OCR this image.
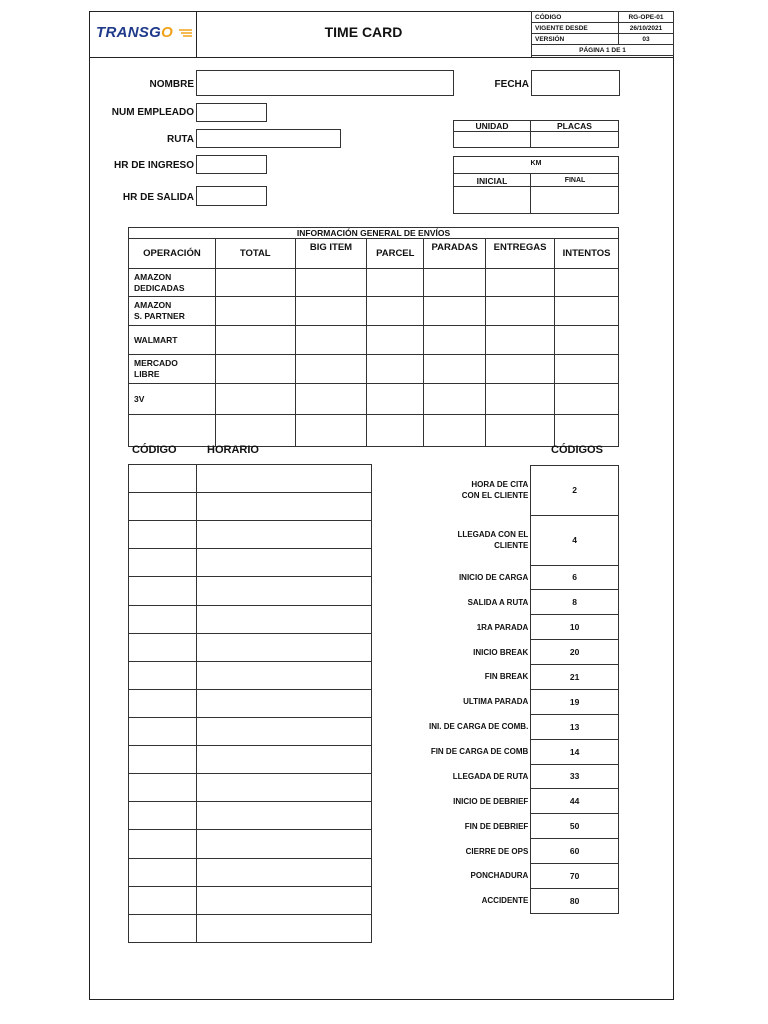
TRANSGO	TIME CARD
CÓDIGO	RG-OPE-01
VIGENTE DESDE	26/10/2021
VERSIÓN	03
PÁGINA 1 DE 1	
NOMBRE	FECHA
NUM EMPLEADO
RUTA
HR DE INGRESO
HR DE SALIDA
UNIDAD	PLACAS
KM
INICIAL	FINAL
INFORMACIÓN GENERAL DE ENVÍOS
OPERACIÓN	TOTAL	BIG ITEM	PARCEL	PARADAS	ENTREGAS	INTENTOS
AMAZON
DEDICADAS						
AMAZON
S. PARTNER						
WALMART						
MERCADO
LIBRE						
3V						

CÓDIGO	HORARIO	CÓDIGOS

HORA DE CITA
CON EL CLIENTE	2
LLEGADA CON EL
CLIENTE	4
INICIO DE CARGA	6
SALIDA A RUTA	8
1RA PARADA	10
INICIO BREAK	20
FIN BREAK	21
ULTIMA PARADA	19
INI. DE CARGA DE COMB.	13
FIN DE CARGA DE COMB	14
LLEGADA DE RUTA	33
INICIO DE DEBRIEF	44
FIN DE DEBRIEF	50
CIERRE DE OPS	60
PONCHADURA	70
ACCIDENTE	80
